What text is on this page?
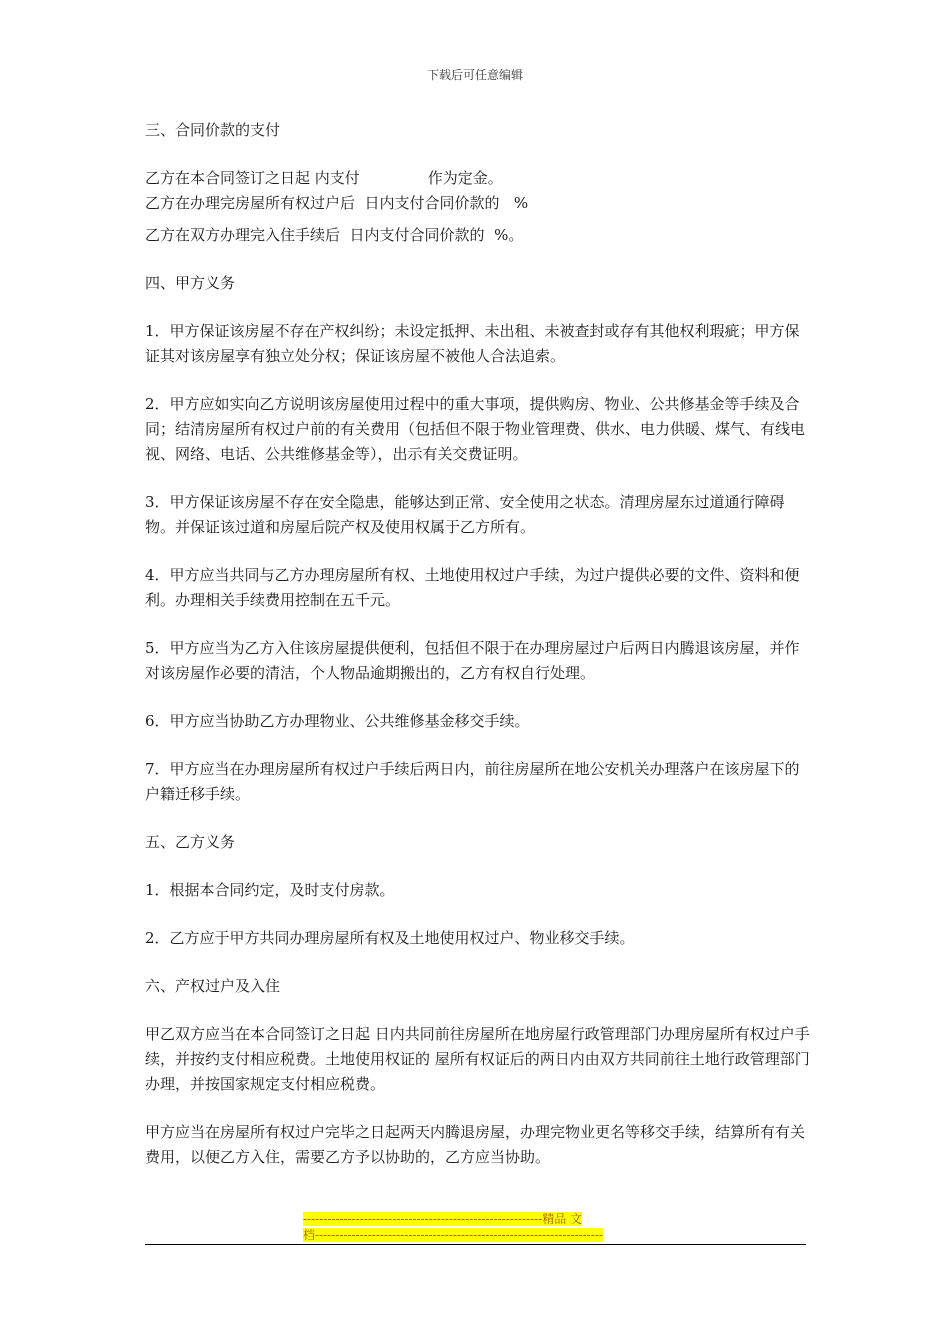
下载后可任意编辑

三、合同价款的支付

乙方在本合同签订之日起 内支付	作为定金。

乙方在办理完房屋所有权过户后  日内支付合同价款的   %

乙方在双方办理完入住手续后  日内支付合同价款的  %。

四、甲方义务

1．甲方保证该房屋不存在产权纠纷；未设定抵押、未出租、未被查封或存有其他权利瑕疵；甲方保证其对该房屋享有独立处分权；保证该房屋不被他人合法追索。

2．甲方应如实向乙方说明该房屋使用过程中的重大事项，提供购房、物业、公共修基金等手续及合同；结清房屋所有权过户前的有关费用（包括但不限于物业管理费、供水、电力供暖、煤气、有线电视、网络、电话、公共维修基金等），出示有关交费证明。

3．甲方保证该房屋不存在安全隐患，能够达到正常、安全使用之状态。清理房屋东过道通行障碍物。并保证该过道和房屋后院产权及使用权属于乙方所有。

4．甲方应当共同与乙方办理房屋所有权、土地使用权过户手续，为过户提供必要的文件、资料和便利。办理相关手续费用控制在五千元。

5．甲方应当为乙方入住该房屋提供便利，包括但不限于在办理房屋过户后两日内腾退该房屋，并作对该房屋作必要的清洁，个人物品逾期搬出的，乙方有权自行处理。

6．甲方应当协助乙方办理物业、公共维修基金移交手续。

7．甲方应当在办理房屋所有权过户手续后两日内，前往房屋所在地公安机关办理落户在该房屋下的户籍迁移手续。

五、乙方义务

1．根据本合同约定，及时支付房款。

2．乙方应于甲方共同办理房屋所有权及土地使用权过户、物业移交手续。

六、产权过户及入住

甲乙双方应当在本合同签订之日起 日内共同前往房屋所在地房屋行政管理部门办理房屋所有权过户手续，并按约支付相应税费。土地使用权证的 屋所有权证后的两日内由双方共同前往土地行政管理部门办理，并按国家规定支付相应税费。

甲方应当在房屋所有权过户完毕之日起两天内腾退房屋，办理完物业更名等移交手续，结算所有有关费用，以便乙方入住，需要乙方予以协助的，乙方应当协助。

-----------------------------------------------------------精品 文
档-----------------------------------------------------------------------
